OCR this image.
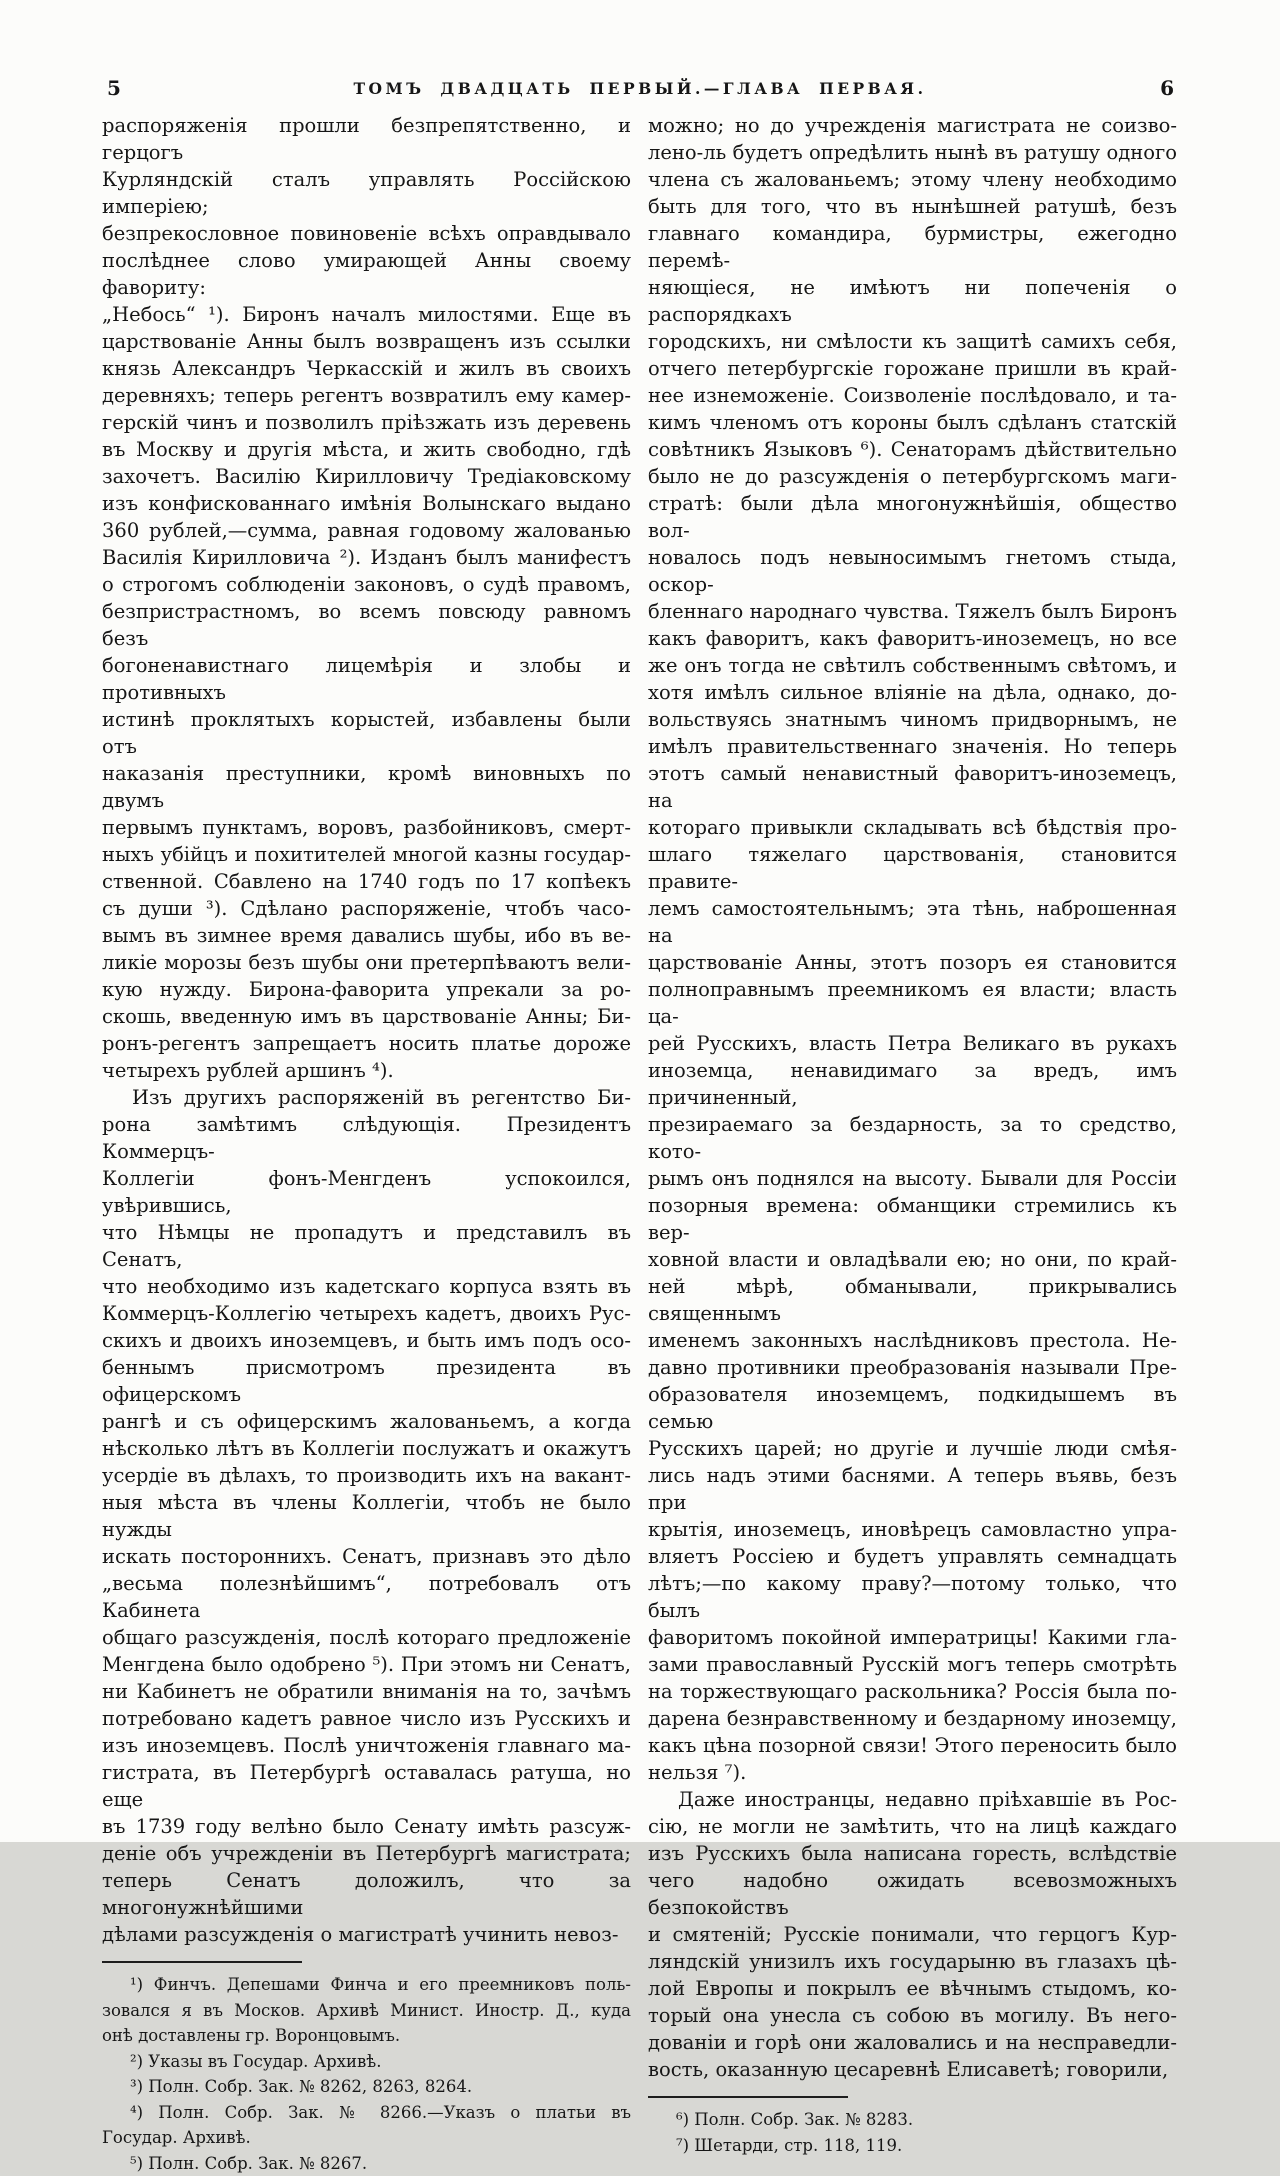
5	ТОМЪ ДВАДЦАТЬ ПЕРВЫЙ.—ГЛАВА ПЕРВАЯ.	6
распоряженія прошли безпрепятственно, и герцогъ
Курляндскій сталъ управлять Россійскою имперіею;
безпрекословное повиновеніе всѣхъ оправдывало
послѣднее слово умирающей Анны своему фавориту:
„Небось“ ¹). Биронъ началъ милостями. Еще въ
царствованіе Анны былъ возвращенъ изъ ссылки
князь Александръ Черкасскій и жилъ въ своихъ
деревняхъ; теперь регентъ возвратилъ ему камер-
герскій чинъ и позволилъ пріѣзжать изъ деревень
въ Москву и другія мѣста, и жить свободно, гдѣ
захочетъ. Василію Кирилловичу Тредіаковскому
изъ конфискованнаго имѣнія Волынскаго выдано
360 рублей,—сумма, равная годовому жалованью
Василія Кирилловича ²). Изданъ былъ манифестъ
о строгомъ соблюденіи законовъ, о судѣ правомъ,
безпристрастномъ, во всемъ повсюду равномъ безъ
богоненавистнаго лицемѣрія и злобы и противныхъ
истинѣ проклятыхъ корыстей, избавлены были отъ
наказанія преступники, кромѣ виновныхъ по двумъ
первымъ пунктамъ, воровъ, разбойниковъ, смерт-
ныхъ убійцъ и похитителей многой казны государ-
ственной. Сбавлено на 1740 годъ по 17 копѣекъ
съ души ³). Сдѣлано распоряженіе, чтобъ часо-
вымъ въ зимнее время давались шубы, ибо въ ве-
ликіе морозы безъ шубы они претерпѣваютъ вели-
кую нужду. Бирона-фаворита упрекали за ро-
скошь, введенную имъ въ царствованіе Анны; Би-
ронъ-регентъ запрещаетъ носить платье дороже
четырехъ рублей аршинъ ⁴).
Изъ другихъ распоряженій въ регентство Би-
рона замѣтимъ слѣдующія. Президентъ Коммерцъ-
Коллегіи фонъ-Менгденъ успокоился, увѣрившись,
что Нѣмцы не пропадутъ и представилъ въ Сенатъ,
что необходимо изъ кадетскаго корпуса взять въ
Коммерцъ-Коллегію четырехъ кадетъ, двоихъ Рус-
скихъ и двоихъ иноземцевъ, и быть имъ подъ осо-
беннымъ присмотромъ президента въ офицерскомъ
рангѣ и съ офицерскимъ жалованьемъ, а когда
нѣсколько лѣтъ въ Коллегіи послужатъ и окажутъ
усердіе въ дѣлахъ, то производить ихъ на вакант-
ныя мѣста въ члены Коллегіи, чтобъ не было нужды
искать постороннихъ. Сенатъ, признавъ это дѣло
„весьма полезнѣйшимъ“, потребовалъ отъ Кабинета
общаго разсужденія, послѣ котораго предложеніе
Менгдена было одобрено ⁵). При этомъ ни Сенатъ,
ни Кабинетъ не обратили вниманія на то, зачѣмъ
потребовано кадетъ равное число изъ Русскихъ и
изъ иноземцевъ. Послѣ уничтоженія главнаго ма-
гистрата, въ Петербургѣ оставалась ратуша, но еще
въ 1739 году велѣно было Сенату имѣть разсуж-
деніе объ учрежденіи въ Петербургѣ магистрата;
теперь Сенатъ доложилъ, что за многонужнѣйшими
дѣлами разсужденія о магистратѣ учинить невоз-
¹) Финчъ. Депешами Финча и его преемниковъ поль-
зовался я въ Москов. Архивѣ Минист. Иностр. Д., куда
онѣ доставлены гр. Воронцовымъ.
²) Указы въ Государ. Архивѣ.
³) Полн. Собр. Зак. № 8262, 8263, 8264.
⁴) Полн. Собр. Зак. № 8266.—Указъ о платьи въ
Государ. Архивѣ.
⁵) Полн. Собр. Зак. № 8267.
можно; но до учрежденія магистрата не соизво-
лено-ль будетъ опредѣлить нынѣ въ ратушу одного
члена съ жалованьемъ; этому члену необходимо
быть для того, что въ нынѣшней ратушѣ, безъ
главнаго командира, бурмистры, ежегодно перемѣ-
няющіеся, не имѣютъ ни попеченія о распорядкахъ
городскихъ, ни смѣлости къ защитѣ самихъ себя,
отчего петербургскіе горожане пришли въ край-
нее изнеможеніе. Соизволеніе послѣдовало, и та-
кимъ членомъ отъ короны былъ сдѣланъ статскій
совѣтникъ Языковъ ⁶). Сенаторамъ дѣйствительно
было не до разсужденія о петербургскомъ маги-
стратѣ: были дѣла многонужнѣйшія, общество вол-
новалось подъ невыносимымъ гнетомъ стыда, оскор-
бленнаго народнаго чувства. Тяжелъ былъ Биронъ
какъ фаворитъ, какъ фаворитъ-иноземецъ, но все
же онъ тогда не свѣтилъ собственнымъ свѣтомъ, и
хотя имѣлъ сильное вліяніе на дѣла, однако, до-
вольствуясь знатнымъ чиномъ придворнымъ, не
имѣлъ правительственнаго значенія. Но теперь
этотъ самый ненавистный фаворитъ-иноземецъ, на
котораго привыкли складывать всѣ бѣдствія про-
шлаго тяжелаго царствованія, становится правите-
лемъ самостоятельнымъ; эта тѣнь, наброшенная на
царствованіе Анны, этотъ позоръ ея становится
полноправнымъ преемникомъ ея власти; власть ца-
рей Русскихъ, власть Петра Великаго въ рукахъ
иноземца, ненавидимаго за вредъ, имъ причиненный,
презираемаго за бездарность, за то средство, кото-
рымъ онъ поднялся на высоту. Бывали для Россіи
позорныя времена: обманщики стремились къ вер-
ховной власти и овладѣвали ею; но они, по край-
ней мѣрѣ, обманывали, прикрывались священнымъ
именемъ законныхъ наслѣдниковъ престола. Не-
давно противники преобразованія называли Пре-
образователя иноземцемъ, подкидышемъ въ семью
Русскихъ царей; но другіе и лучшіе люди смѣя-
лись надъ этими баснями. А теперь въявь, безъ при
крытія, иноземецъ, иновѣрецъ самовластно упра-
вляетъ Россіею и будетъ управлять семнадцать
лѣтъ;—по какому праву?—потому только, что былъ
фаворитомъ покойной императрицы! Какими гла-
зами православный Русскій могъ теперь смотрѣть
на торжествующаго раскольника? Россія была по-
дарена безнравственному и бездарному иноземцу,
какъ цѣна позорной связи! Этого переносить было
нельзя ⁷).
Даже иностранцы, недавно пріѣхавшіе въ Рос-
сію, не могли не замѣтить, что на лицѣ каждаго
изъ Русскихъ была написана горесть, вслѣдствіе
чего надобно ожидать всевозможныхъ безпокойствъ
и смятеній; Русскіе понимали, что герцогъ Кур-
ляндскій унизилъ ихъ государыню въ глазахъ цѣ-
лой Европы и покрылъ ее вѣчнымъ стыдомъ, ко-
торый она унесла съ собою въ могилу. Въ него-
дованіи и горѣ они жаловались и на несправедли-
вость, оказанную цесаревнѣ Елисаветѣ; говорили,
⁶) Полн. Собр. Зак. № 8283.
⁷) Шетарди, стр. 118, 119.
